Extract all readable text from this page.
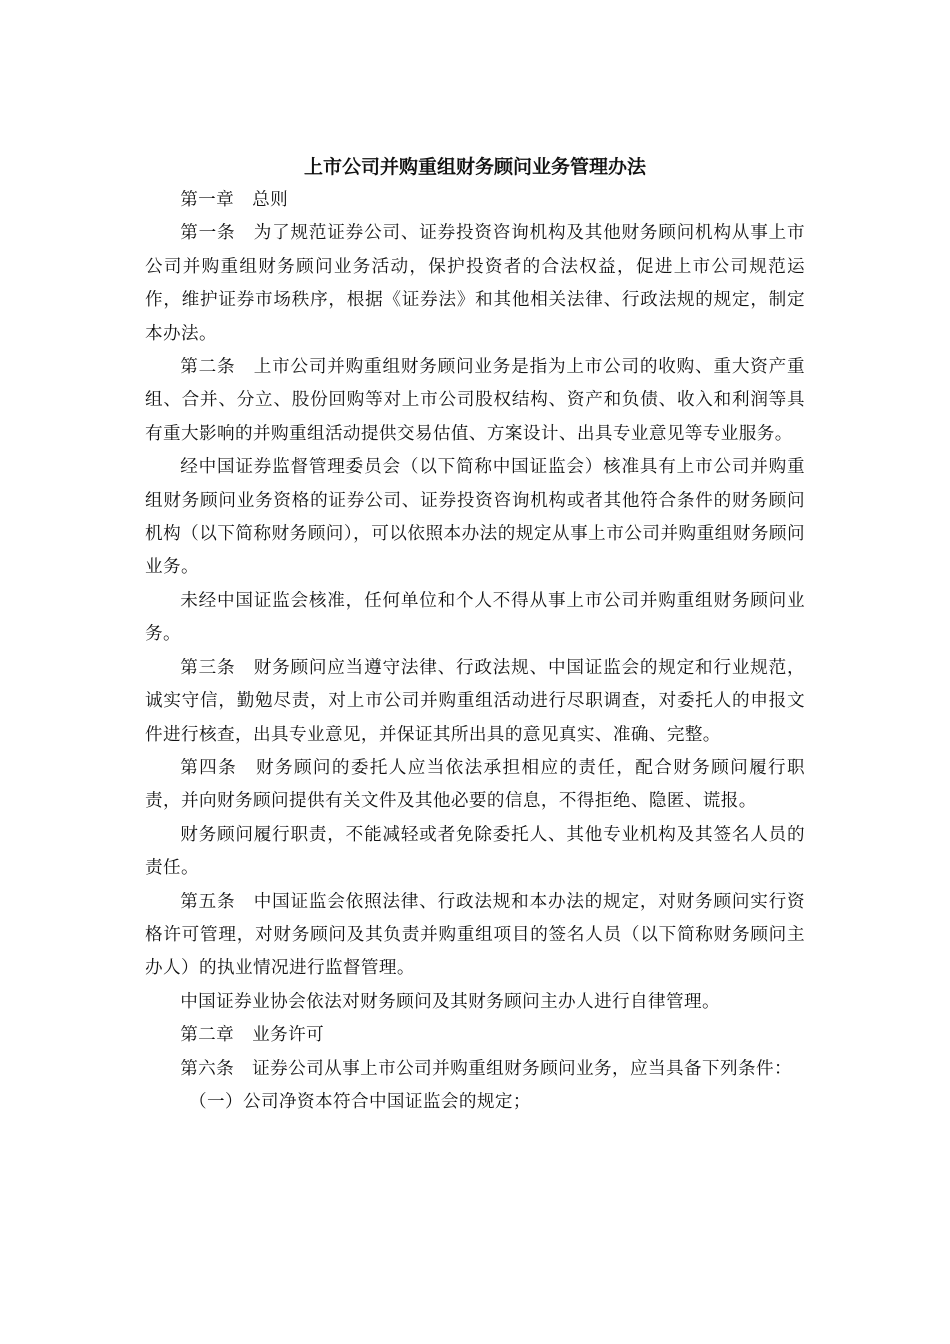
上市公司并购重组财务顾问业务管理办法

第一章　总则

第一条　为了规范证券公司、证券投资咨询机构及其他财务顾问机构从事上市公司并购重组财务顾问业务活动，保护投资者的合法权益，促进上市公司规范运作，维护证券市场秩序，根据《证券法》和其他相关法律、行政法规的规定，制定本办法。

第二条　上市公司并购重组财务顾问业务是指为上市公司的收购、重大资产重组、合并、分立、股份回购等对上市公司股权结构、资产和负债、收入和利润等具有重大影响的并购重组活动提供交易估值、方案设计、出具专业意见等专业服务。

经中国证券监督管理委员会（以下简称中国证监会）核准具有上市公司并购重组财务顾问业务资格的证券公司、证券投资咨询机构或者其他符合条件的财务顾问机构（以下简称财务顾问），可以依照本办法的规定从事上市公司并购重组财务顾问业务。

未经中国证监会核准，任何单位和个人不得从事上市公司并购重组财务顾问业务。

第三条　财务顾问应当遵守法律、行政法规、中国证监会的规定和行业规范，诚实守信，勤勉尽责，对上市公司并购重组活动进行尽职调查，对委托人的申报文件进行核查，出具专业意见，并保证其所出具的意见真实、准确、完整。

第四条　财务顾问的委托人应当依法承担相应的责任，配合财务顾问履行职责，并向财务顾问提供有关文件及其他必要的信息，不得拒绝、隐匿、谎报。

财务顾问履行职责，不能减轻或者免除委托人、其他专业机构及其签名人员的责任。

第五条　中国证监会依照法律、行政法规和本办法的规定，对财务顾问实行资格许可管理，对财务顾问及其负责并购重组项目的签名人员（以下简称财务顾问主办人）的执业情况进行监督管理。

中国证券业协会依法对财务顾问及其财务顾问主办人进行自律管理。

第二章　业务许可

第六条　证券公司从事上市公司并购重组财务顾问业务，应当具备下列条件：

（一）公司净资本符合中国证监会的规定；
